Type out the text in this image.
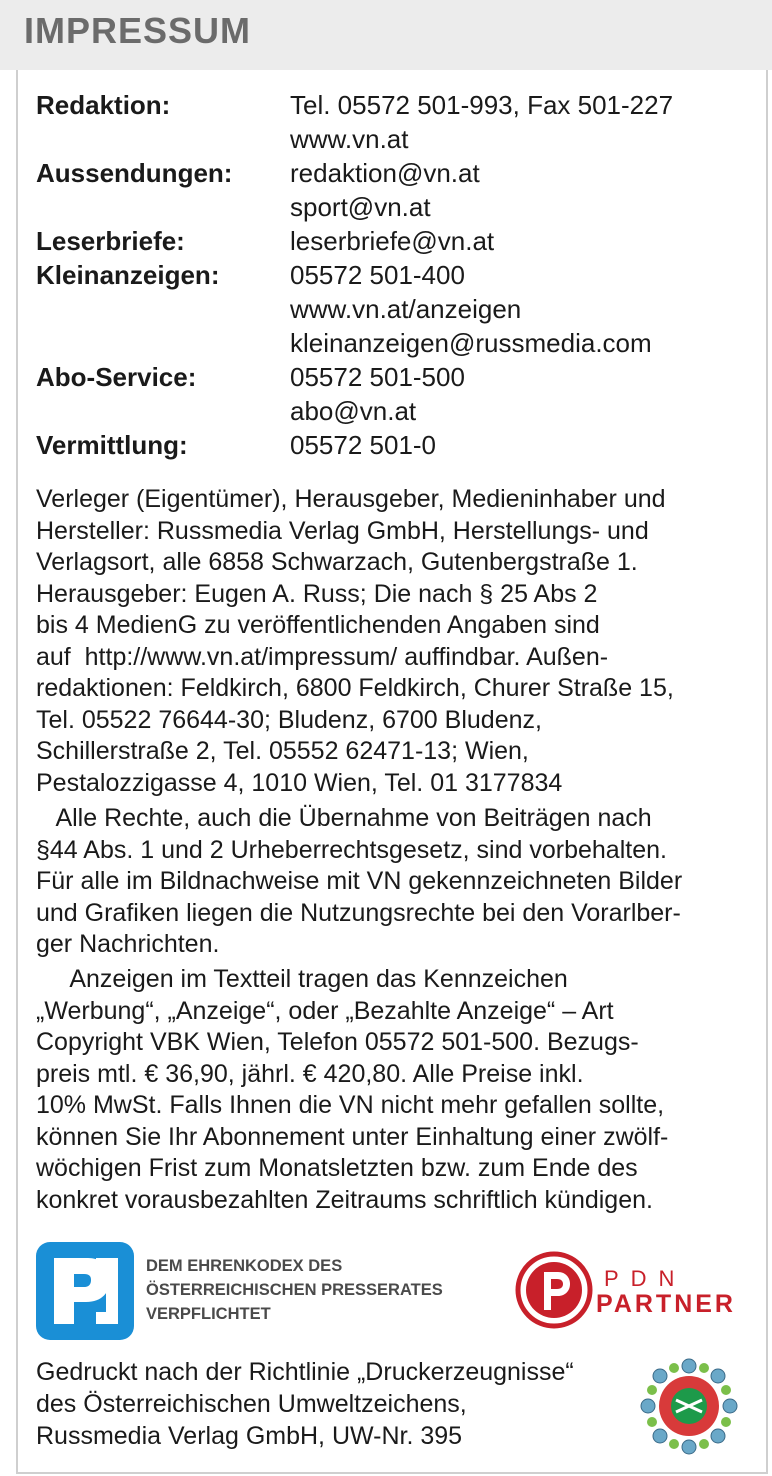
IMPRESSUM
Redaktion:	Tel. 05572 501-993, Fax 501-227
www.vn.at
Aussendungen:	redaktion@vn.at
sport@vn.at
Leserbriefe:	leserbriefe@vn.at
Kleinanzeigen:	05572 501-400
www.vn.at/anzeigen
kleinanzeigen@russmedia.com
Abo-Service:	05572 501-500
abo@vn.at
Vermittlung:	05572 501-0

Verleger (Eigentümer), Herausgeber, Medieninhaber und
Hersteller: Russmedia Verlag GmbH, Herstellungs- und
Verlagsort, alle 6858 Schwarzach, Gutenbergstraße 1.
Herausgeber: Eugen A. Russ; Die nach § 25 Abs 2
bis 4 MedienG zu veröffentlichenden Angaben sind
auf  http://www.vn.at/impressum/ auffindbar. Außen-
redaktionen: Feldkirch, 6800 Feldkirch, Churer Straße 15,
Tel. 05522 76644-30; Bludenz, 6700 Bludenz,
Schillerstraße 2, Tel. 05552 62471-13; Wien,
Pestalozzigasse 4, 1010 Wien, Tel. 01 3177834

Alle Rechte, auch die Übernahme von Beiträgen nach
§44 Abs. 1 und 2 Urheberrechtsgesetz, sind vorbehalten.
Für alle im Bildnachweise mit VN gekennzeichneten Bilder
und Grafiken liegen die Nutzungsrechte bei den Vorarlber-
ger Nachrichten.

Anzeigen im Textteil tragen das Kennzeichen
„Werbung“, „Anzeige“, oder „Bezahlte Anzeige“ – Art
Copyright VBK Wien, Telefon 05572 501-500. Bezugs-
preis mtl. € 36,90, jährl. € 420,80. Alle Preise inkl.
10% MwSt. Falls Ihnen die VN nicht mehr gefallen sollte,
können Sie Ihr Abonnement unter Einhaltung einer zwölf-
wöchigen Frist zum Monatsletzten bzw. zum Ende des
konkret vorausbezahlten Zeitraums schriftlich kündigen.

DEM EHRENKODEX DES
ÖSTERREICHISCHEN PRESSERATES
VERPFLICHTET
PDN
PARTNER

Gedruckt nach der Richtlinie „Druckerzeugnisse“
des Österreichischen Umweltzeichens,
Russmedia Verlag GmbH, UW-Nr. 395
